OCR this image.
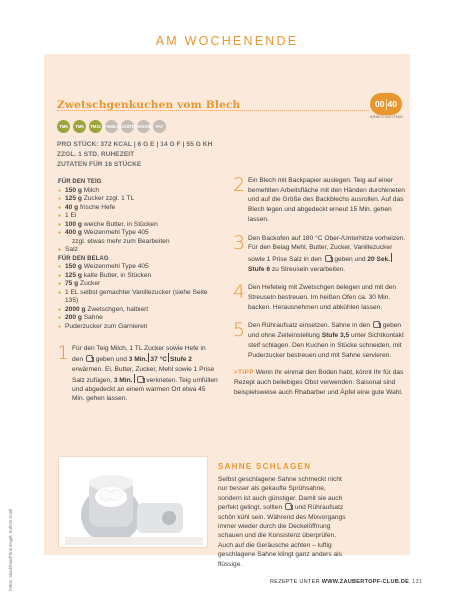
AM WOCHENENDE
Zwetschgenkuchen vom Blech	00 40
ARBEITSZEIT MIN
TM5	TM6	TM31 FAMILY GÄSTE VEGGIE FAT
PRO STÜCK: 372 KCAL | 6 G E | 14 G F | 55 G KH
ZZGL. 1 STD. RUHEZEIT
ZUTATEN FÜR 16 STÜCKE
FÜR DEN TEIG
● 150 g Milch
● 125 g Zucker zzgl. 1 TL
● 40 g frische Hefe
● 1 Ei
● 100 g weiche Butter, in Stücken
● 400 g Weizenmehl Type 405
zzgl. etwas mehr zum Bearbeiten
● Salz
FÜR DEN BELAG
● 150 g Weizenmehl Type 405
● 125 g kalte Butter, in Stücken
● 75 g Zucker
● 1 EL selbst gemachter Vanillezucker (siehe Seite 135)
● 2000 g Zwetschgen, halbiert
● 200 g Sahne
● Puderzucker zum Garnieren
1 Für den Teig Milch, 1 TL Zucker sowie Hefe in den geben und 3 Min. 37 °C Stufe 2 erwärmen. Ei, Butter, Zucker, Mehl sowie 1 Prise Salz zufügen, 3 Min. verkneten. Teig umfüllen und abgedeckt an einem warmen Ort etwa 45 Min. gehen lassen.
2 Ein Blech mit Backpapier auslegen. Teig auf einer bemehlten Arbeitsfläche mit den Händen durchkneten und auf die Größe des Backblechs ausrollen. Auf das Blech legen und abgedeckt erneut 15 Min. gehen lassen.
3 Den Backofen auf 180 °C Ober-/Unterhitze vorheizen. Für den Belag Mehl, Butter, Zucker, Vanillezucker sowie 1 Prise Salz in den geben und 20 Sek.Stufe 6 zu Streuseln verarbeiten.
4 Den Hefeteig mit Zwetschgen belegen und mit den Streuseln bestreuen. Im heißen Ofen ca. 30 Min. backen. Herausnehmen und abkühlen lassen.
5 Den Rühraufsatz einsetzen. Sahne in den geben und ohne Zeiteinstellung Stufe 3,5 unter Sichtkontakt steif schlagen. Den Kuchen in Stücke schneiden, mit Puderzucker bestreuen und mit Sahne servieren.
>TIPP Wenn Ihr einmal den Boden habt, könnt Ihr für das Rezept auch beliebiges Obst verwenden. Saisonal sind beispielsweise auch Rhabarber und Äpfel eine gute Wahl.
SAHNE SCHLAGEN
Selbst geschlagene Sahne schmeckt nicht nur besser als gekaufte Sprühsahne, sondern ist auch günstiger. Damit sie auch perfekt gelingt, sollten und Rühraufsatz schön kühl sein. Während des Mixvorgangs immer wieder durch die Deckelöffnung schauen und die Konsistenz überprüfen. Auch auf die Geräusche achten – luftig geschlagene Sahne klingt ganz anders als flüssige.
Fotos: StockFood/Tina Engel; Kathrin Knoll	REZEPTE UNTER WWW.ZAUBERTOPF-CLUB.DE 131
